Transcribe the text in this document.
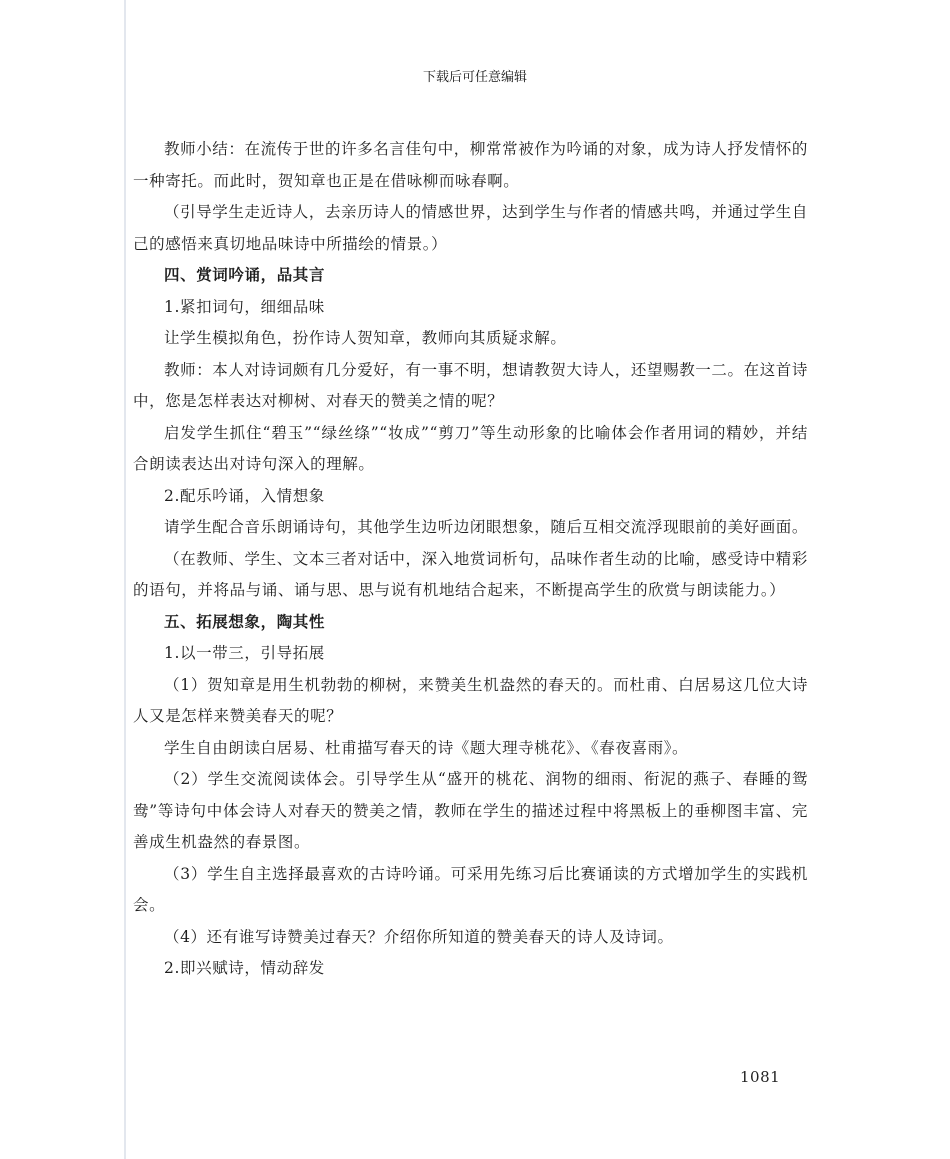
下载后可任意编辑

教师小结：在流传于世的许多名言佳句中，柳常常被作为吟诵的对象，成为诗人抒发情怀的一种寄托。而此时，贺知章也正是在借咏柳而咏春啊。

（引导学生走近诗人，去亲历诗人的情感世界，达到学生与作者的情感共鸣，并通过学生自己的感悟来真切地品味诗中所描绘的情景。）

四、赏词吟诵，品其言

1.紧扣词句，细细品味

让学生模拟角色，扮作诗人贺知章，教师向其质疑求解。

教师：本人对诗词颇有几分爱好，有一事不明，想请教贺大诗人，还望赐教一二。在这首诗中，您是怎样表达对柳树、对春天的赞美之情的呢？

启发学生抓住“碧玉”“绿丝绦”“妆成”“剪刀”等生动形象的比喻体会作者用词的精妙，并结合朗读表达出对诗句深入的理解。

2.配乐吟诵，入情想象

请学生配合音乐朗诵诗句，其他学生边听边闭眼想象，随后互相交流浮现眼前的美好画面。

（在教师、学生、文本三者对话中，深入地赏词析句，品味作者生动的比喻，感受诗中精彩的语句，并将品与诵、诵与思、思与说有机地结合起来，不断提高学生的欣赏与朗读能力。）

五、拓展想象，陶其性

1.以一带三，引导拓展

（1）贺知章是用生机勃勃的柳树，来赞美生机盎然的春天的。而杜甫、白居易这几位大诗人又是怎样来赞美春天的呢？

学生自由朗读白居易、杜甫描写春天的诗《题大理寺桃花》、《春夜喜雨》。

（2）学生交流阅读体会。引导学生从“盛开的桃花、润物的细雨、衔泥的燕子、春睡的鸳鸯”等诗句中体会诗人对春天的赞美之情，教师在学生的描述过程中将黑板上的垂柳图丰富、完善成生机盎然的春景图。

（3）学生自主选择最喜欢的古诗吟诵。可采用先练习后比赛诵读的方式增加学生的实践机会。

（4）还有谁写诗赞美过春天？介绍你所知道的赞美春天的诗人及诗词。

2.即兴赋诗，情动辞发

1081
